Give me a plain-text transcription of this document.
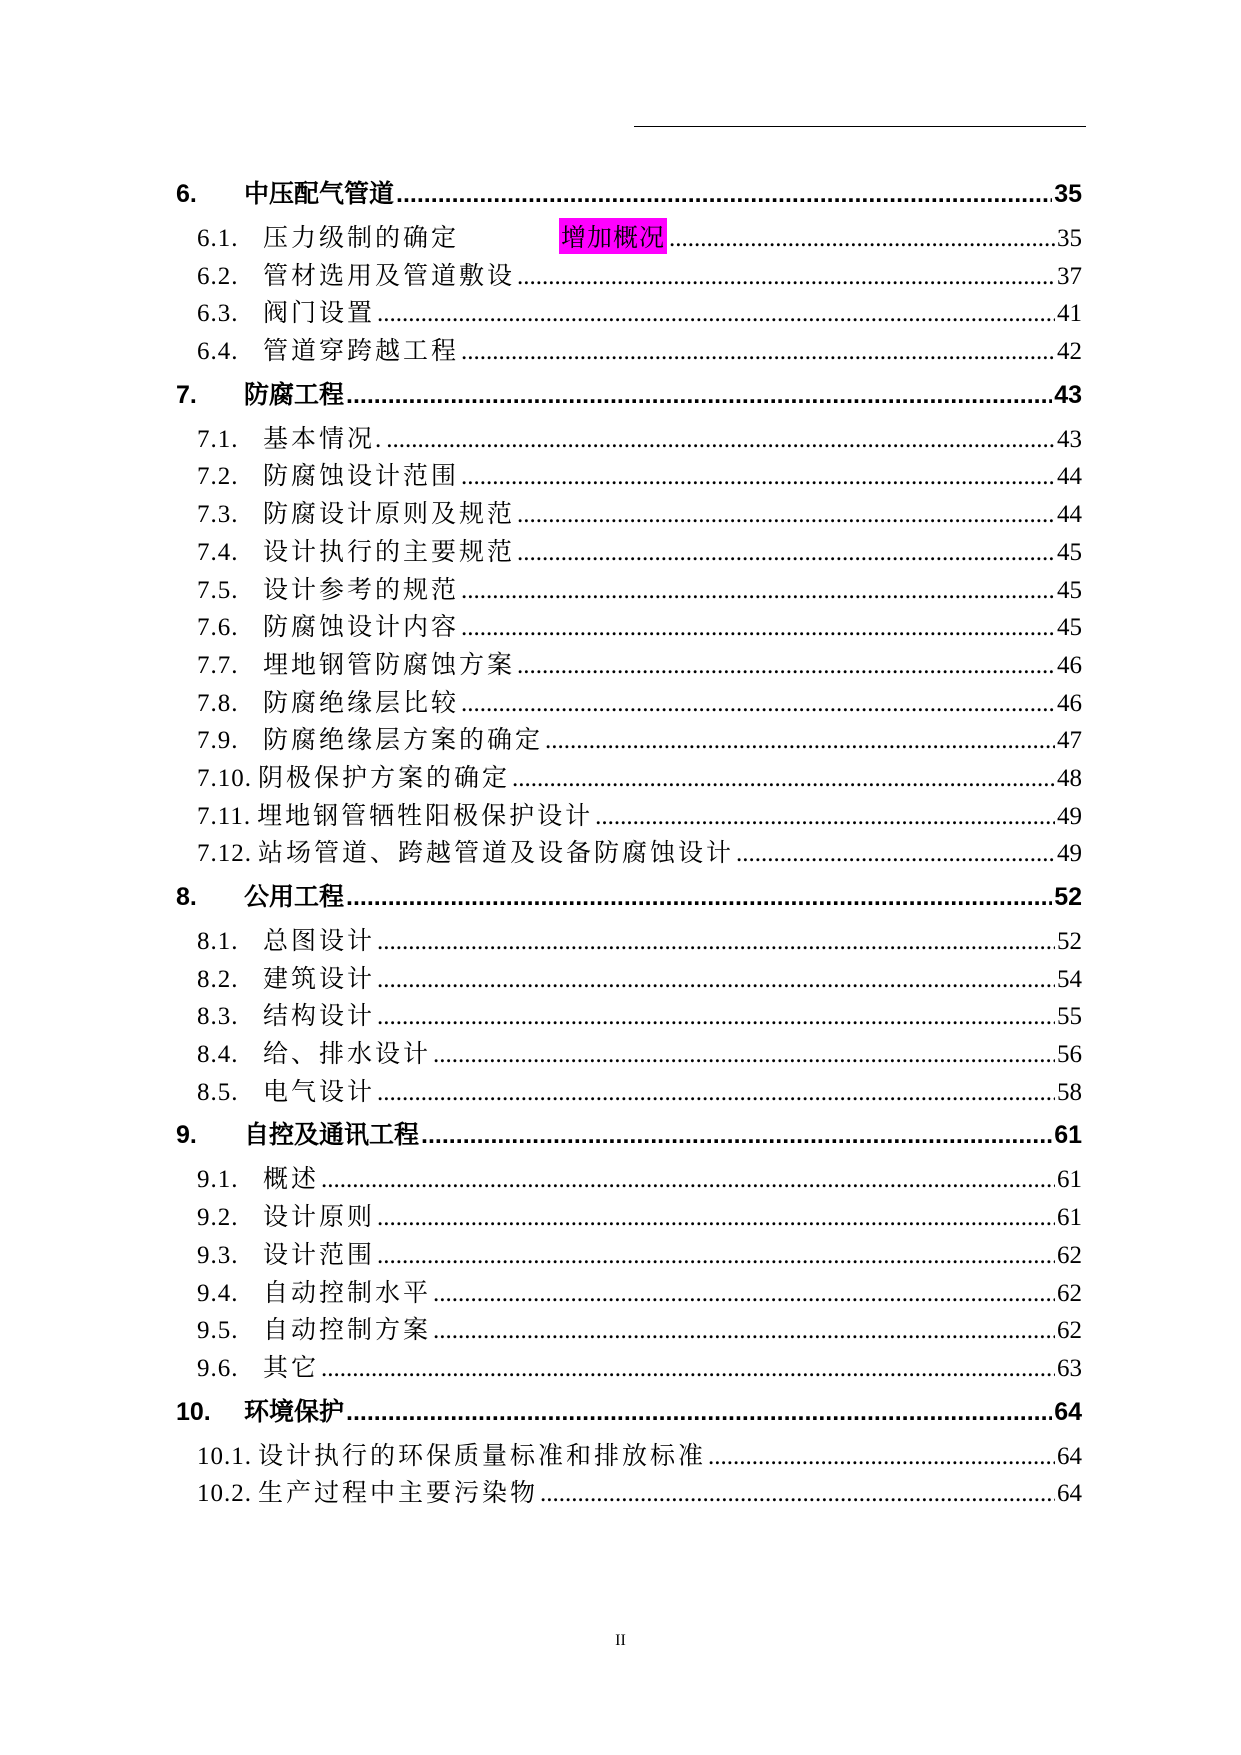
6.	中压配气管道 .....	35
6.1. 压力级制的确定	增加概况 .....	35
6.2. 管材选用及管道敷设 .....	37
6.3. 阀门设置 .....	41
6.4. 管道穿跨越工程 .....	42
7.	防腐工程 .....	43
7.1. 基本情况. .....	43
7.2. 防腐蚀设计范围 .....	44
7.3. 防腐设计原则及规范 .....	44
7.4. 设计执行的主要规范 .....	45
7.5. 设计参考的规范 .....	45
7.6. 防腐蚀设计内容 .....	45
7.7. 埋地钢管防腐蚀方案 .....	46
7.8. 防腐绝缘层比较 .....	46
7.9. 防腐绝缘层方案的确定 .....	47
7.10. 阴极保护方案的确定 .....	48
7.11. 埋地钢管牺牲阳极保护设计 .....	49
7.12. 站场管道、跨越管道及设备防腐蚀设计 .....	49
8.	公用工程 .....	52
8.1. 总图设计 .....	52
8.2. 建筑设计 .....	54
8.3. 结构设计 .....	55
8.4. 给、排水设计 .....	56
8.5. 电气设计 .....	58
9.	自控及通讯工程 .....	61
9.1. 概述 .....	61
9.2. 设计原则 .....	61
9.3. 设计范围 .....	62
9.4. 自动控制水平 .....	62
9.5. 自动控制方案 .....	62
9.6. 其它 .....	63
10.	环境保护 .....	64
10.1. 设计执行的环保质量标准和排放标准 .....	64
10.2. 生产过程中主要污染物 .....	64
II
